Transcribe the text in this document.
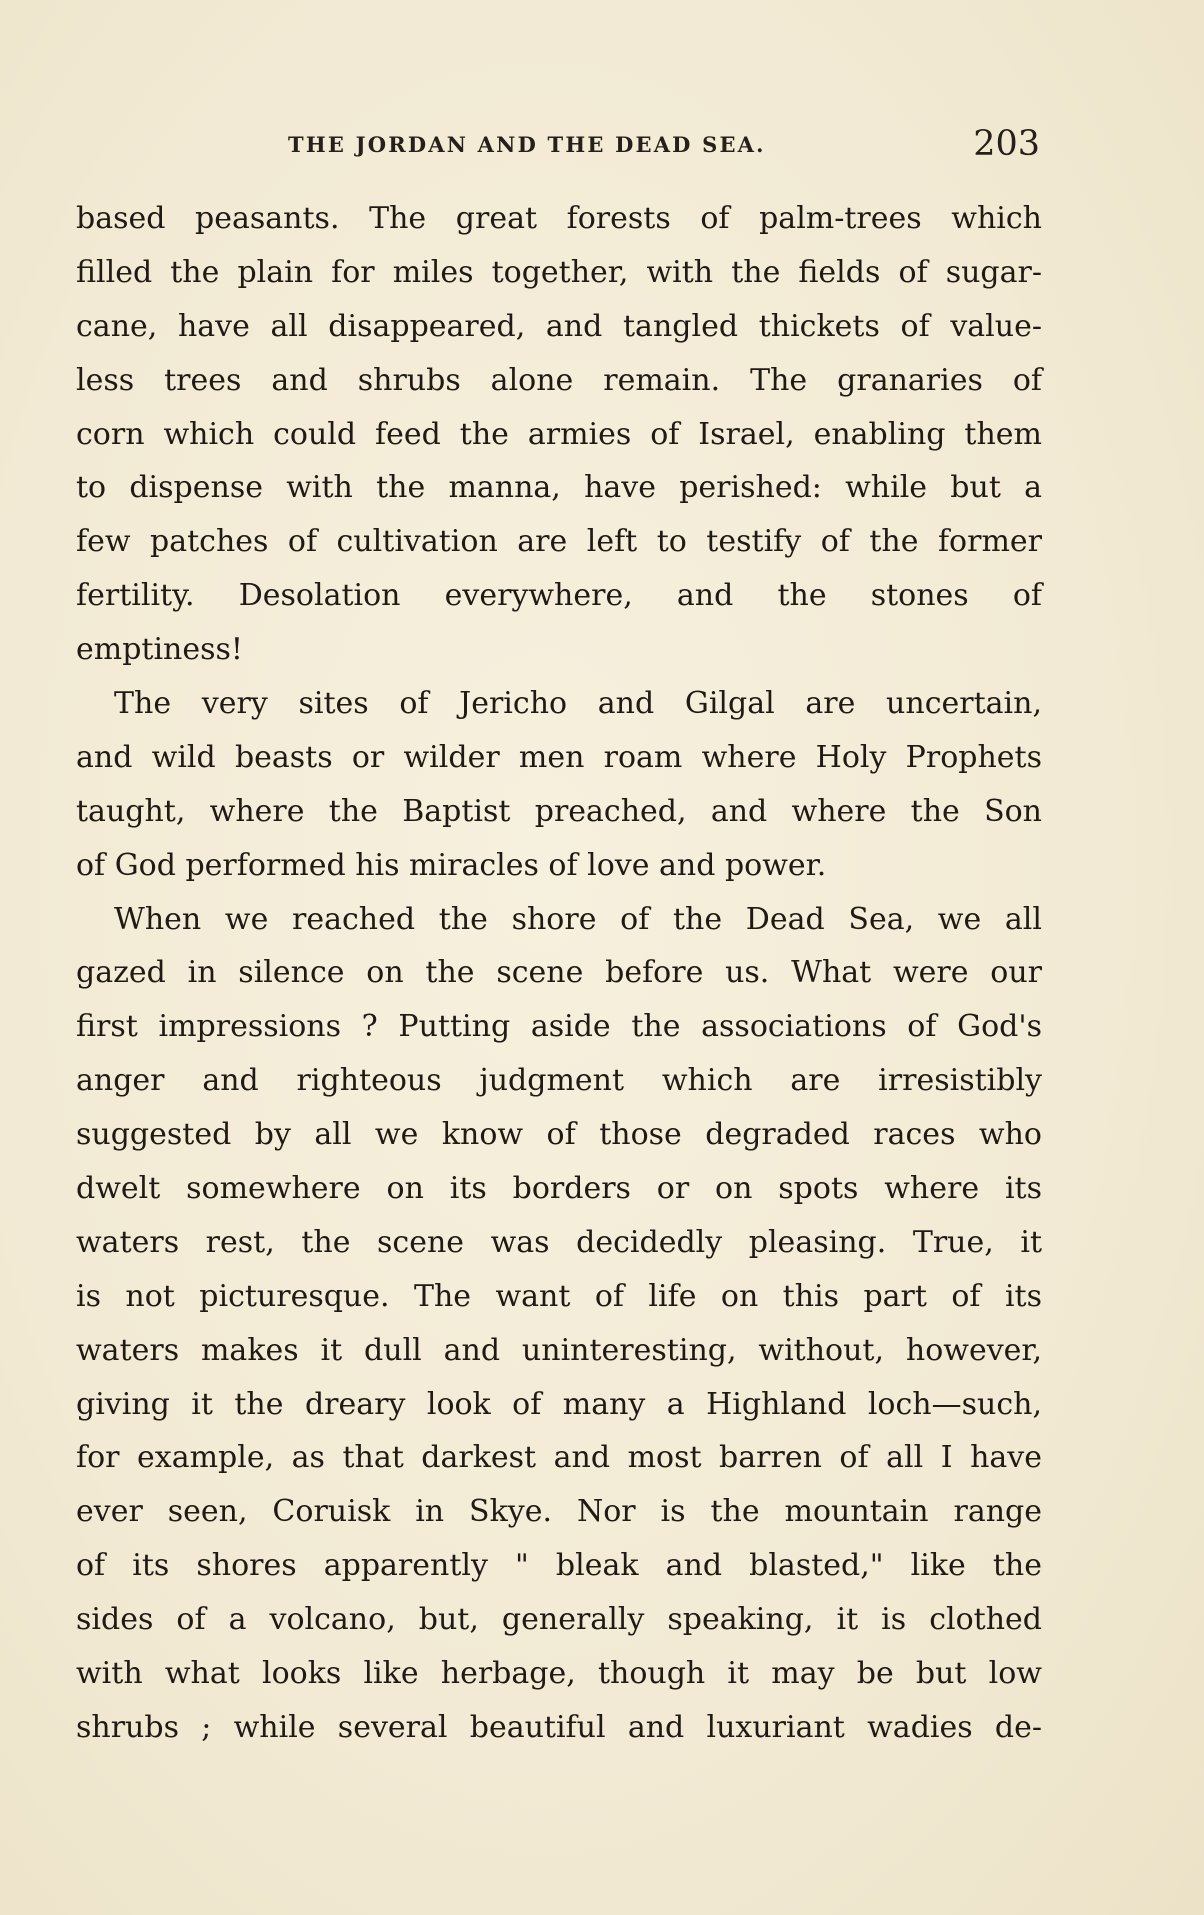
THE JORDAN AND THE DEAD SEA.	203
based peasants. The great forests of palm-trees which
filled the plain for miles together, with the fields of sugar-
cane, have all disappeared, and tangled thickets of value-
less trees and shrubs alone remain. The granaries of
corn which could feed the armies of Israel, enabling them
to dispense with the manna, have perished: while but a
few patches of cultivation are left to testify of the former
fertility. Desolation everywhere, and the stones of
emptiness!
The very sites of Jericho and Gilgal are uncertain,
and wild beasts or wilder men roam where Holy Prophets
taught, where the Baptist preached, and where the Son
of God performed his miracles of love and power.
When we reached the shore of the Dead Sea, we all
gazed in silence on the scene before us. What were our
first impressions ? Putting aside the associations of God's
anger and righteous judgment which are irresistibly
suggested by all we know of those degraded races who
dwelt somewhere on its borders or on spots where its
waters rest, the scene was decidedly pleasing. True, it
is not picturesque. The want of life on this part of its
waters makes it dull and uninteresting, without, however,
giving it the dreary look of many a Highland loch—such,
for example, as that darkest and most barren of all I have
ever seen, Coruisk in Skye. Nor is the mountain range
of its shores apparently " bleak and blasted," like the
sides of a volcano, but, generally speaking, it is clothed
with what looks like herbage, though it may be but low
shrubs ; while several beautiful and luxuriant wadies de-
